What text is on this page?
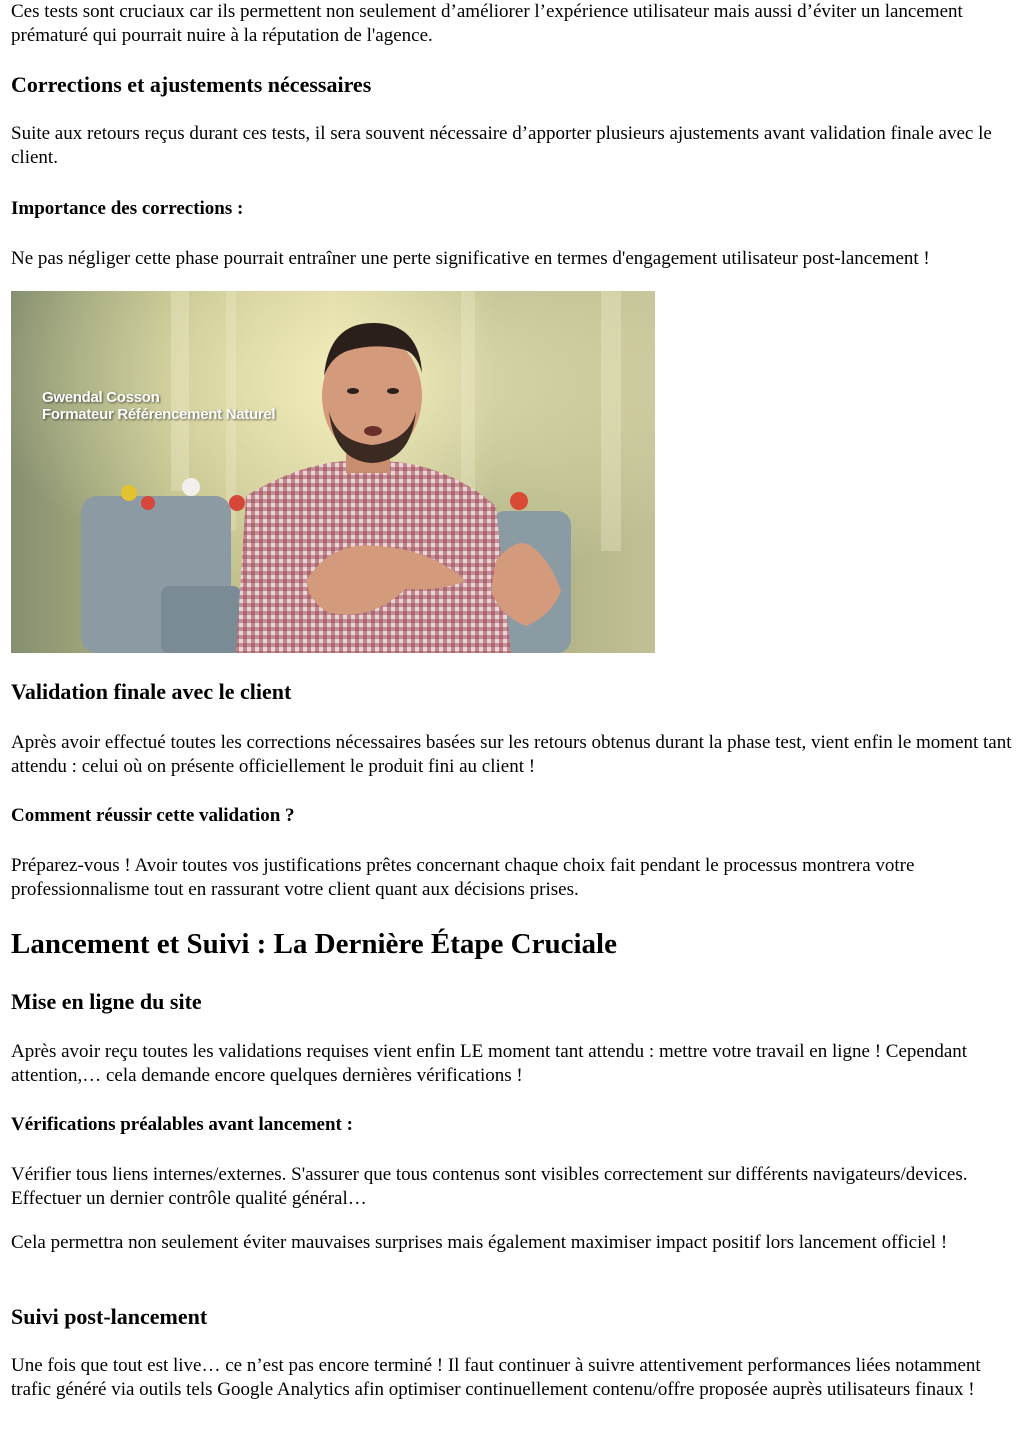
Ces tests sont cruciaux car ils permettent non seulement d’améliorer l’expérience utilisateur mais aussi d’éviter un lancement prématuré qui pourrait nuire à la réputation de l'agence.

Corrections et ajustements nécessaires

Suite aux retours reçus durant ces tests, il sera souvent nécessaire d’apporter plusieurs ajustements avant validation finale avec le client.

Importance des corrections :

Ne pas négliger cette phase pourrait entraîner une perte significative en termes d'engagement utilisateur post-lancement !

Gwendal Cosson
Formateur Référencement Naturel
Validation finale avec le client

Après avoir effectué toutes les corrections nécessaires basées sur les retours obtenus durant la phase test, vient enfin le moment tant attendu : celui où on présente officiellement le produit fini au client !

Comment réussir cette validation ?

Préparez-vous ! Avoir toutes vos justifications prêtes concernant chaque choix fait pendant le processus montrera votre professionnalisme tout en rassurant votre client quant aux décisions prises.

Lancement et Suivi : La Dernière Étape Cruciale
Mise en ligne du site

Après avoir reçu toutes les validations requises vient enfin LE moment tant attendu : mettre votre travail en ligne ! Cependant attention,… cela demande encore quelques dernières vérifications !

Vérifications préalables avant lancement :

Vérifier tous liens internes/externes. S'assurer que tous contenus sont visibles correctement sur différents navigateurs/devices. Effectuer un dernier contrôle qualité général…

Cela permettra non seulement éviter mauvaises surprises mais également maximiser impact positif lors lancement officiel !

Suivi post-lancement

Une fois que tout est live… ce n’est pas encore terminé ! Il faut continuer à suivre attentivement performances liées notamment trafic généré via outils tels Google Analytics afin optimiser continuellement contenu/offre proposée auprès utilisateurs finaux !
